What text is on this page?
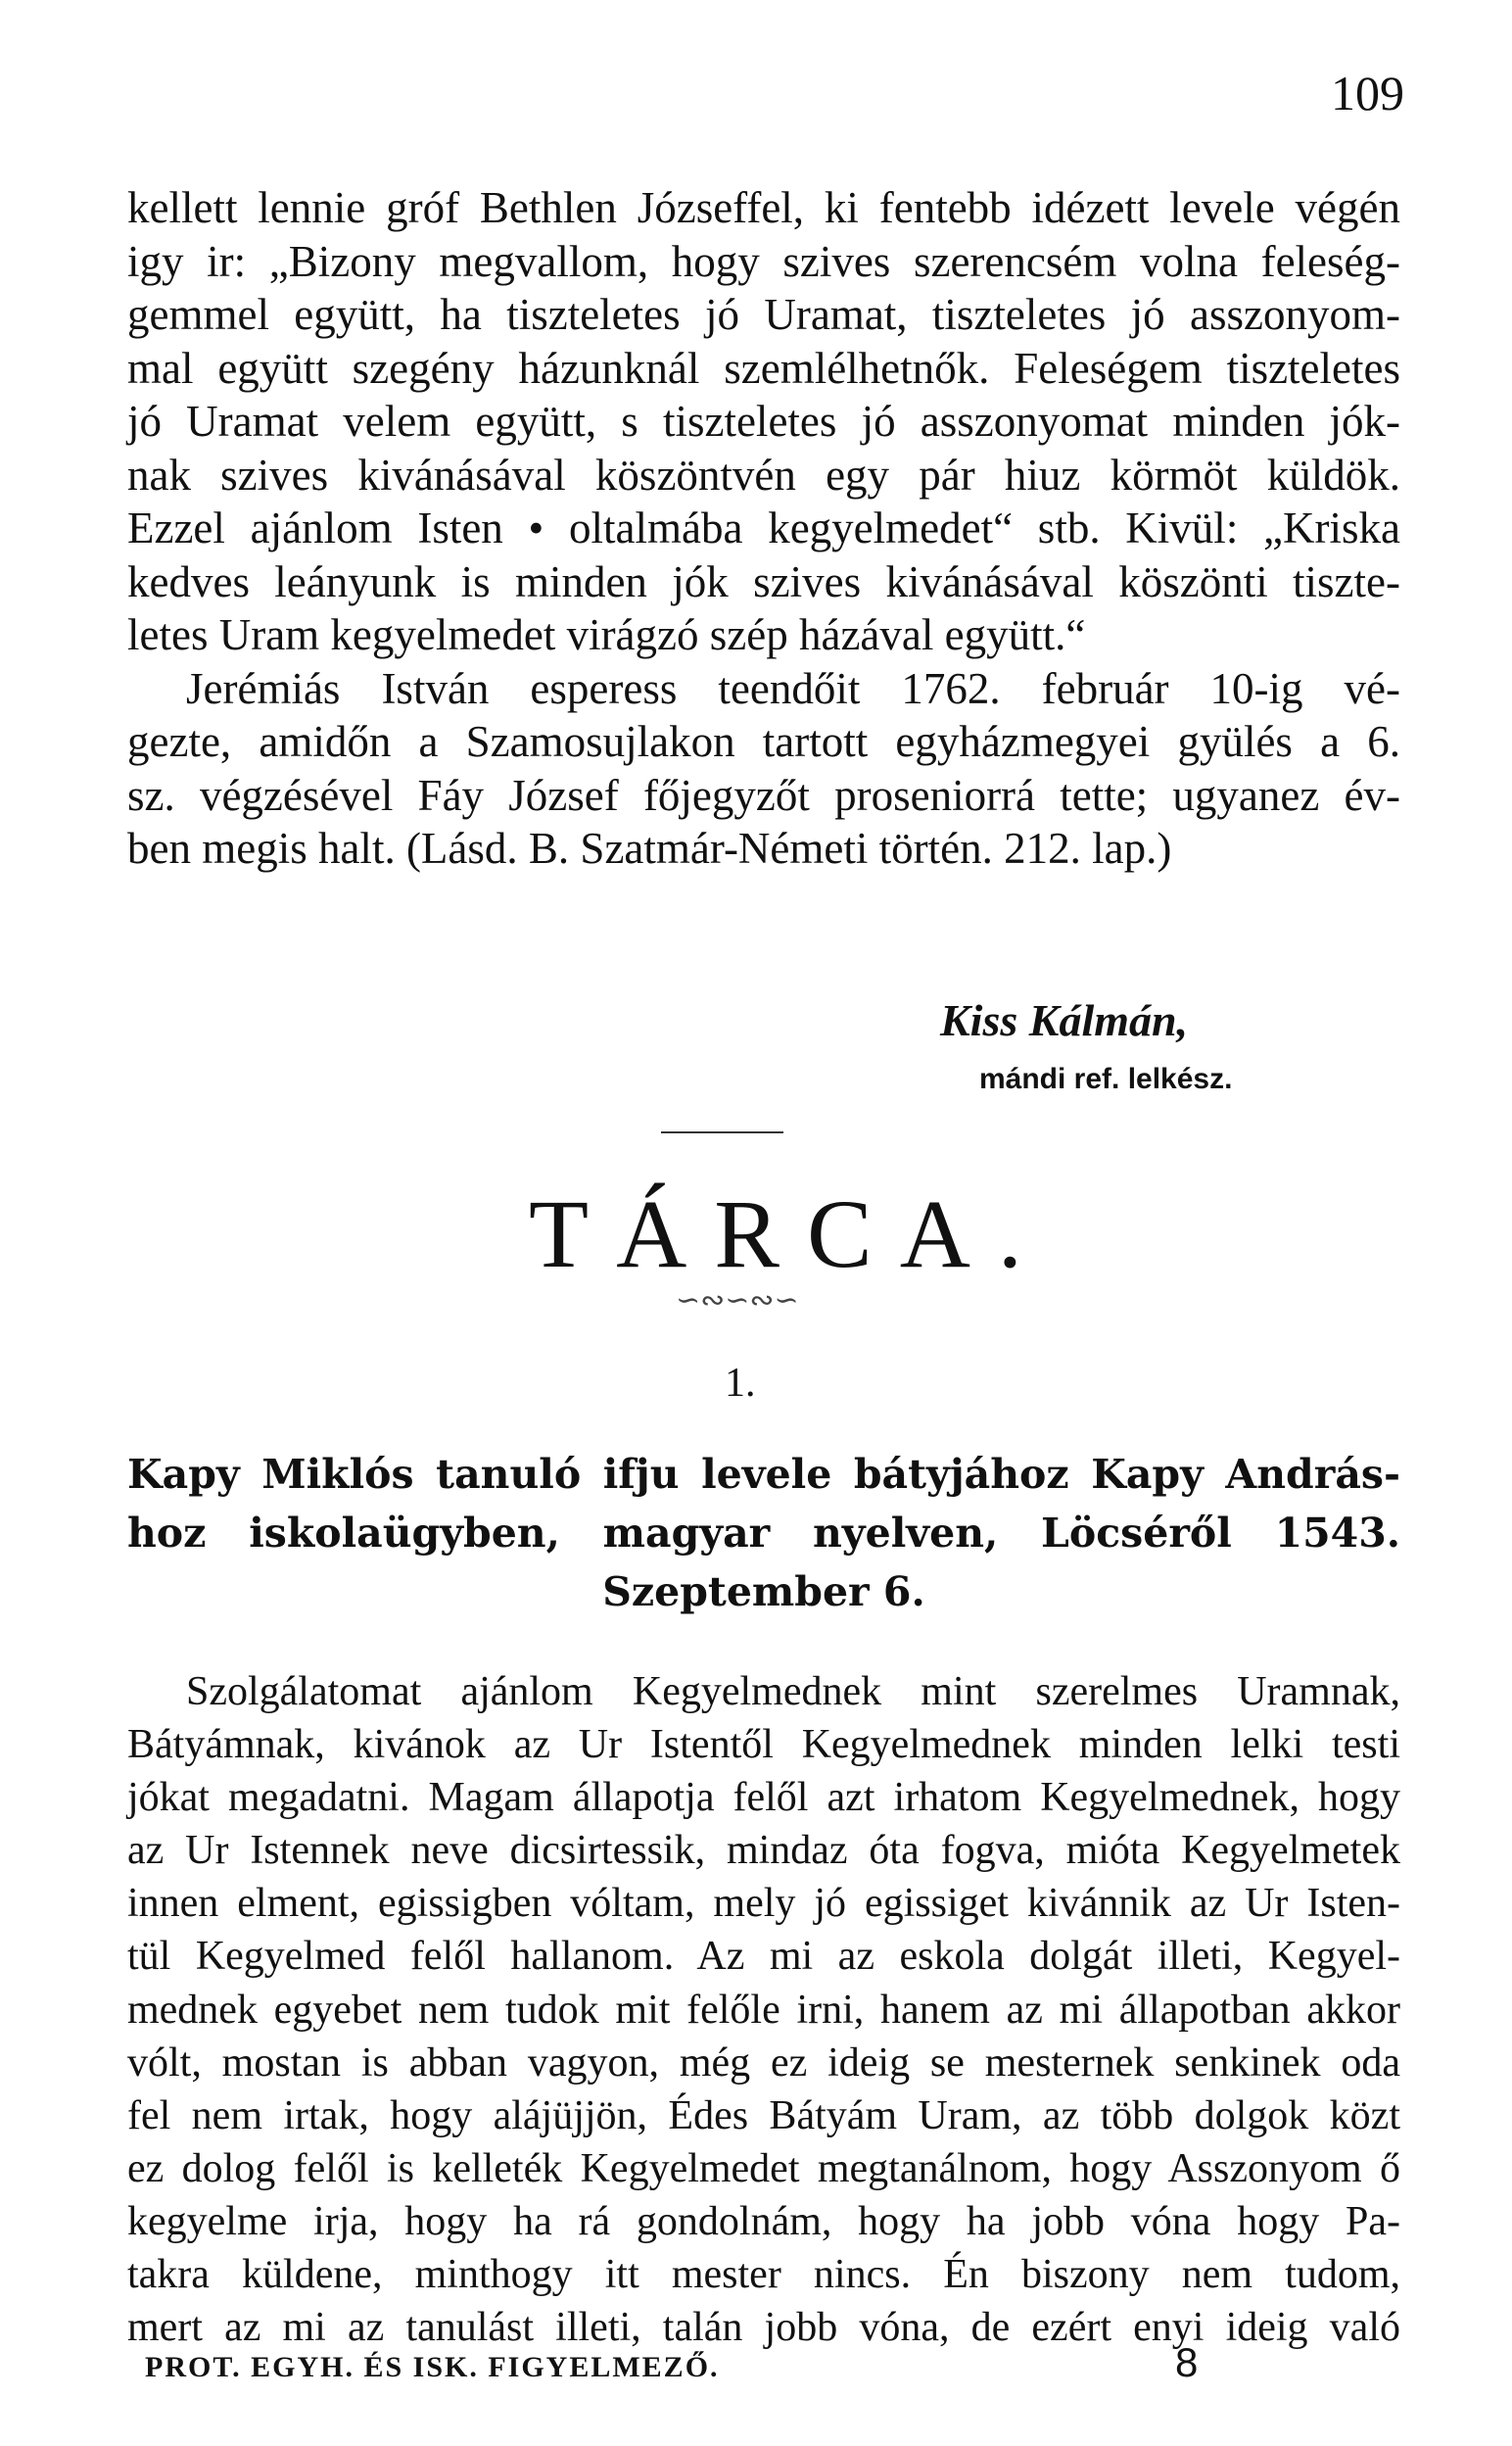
109
kellett lennie gróf Bethlen Józseffel, ki fentebb idézett levele végén
igy ir: „Bizony megvallom, hogy szives szerencsém volna feleség-
gemmel együtt, ha tiszteletes jó Uramat, tiszteletes jó asszonyom-
mal együtt szegény házunknál szemlélhetnők. Feleségem tiszteletes
jó Uramat velem együtt, s tiszteletes jó asszonyomat minden jók-
nak szives kivánásával köszöntvén egy pár hiuz körmöt küldök.
Ezzel ajánlom Isten • oltalmába kegyelmedet“ stb. Kivül: „Kriska
kedves leányunk is minden jók szives kivánásával köszönti tiszte-
letes Uram kegyelmedet virágzó szép házával együtt.“
Jerémiás István esperess teendőit 1762. február 10-ig vé-
gezte, amidőn a Szamosujlakon tartott egyházmegyei gyülés a 6.
sz. végzésével Fáy József főjegyzőt proseniorrá tette; ugyanez év-
ben megis halt. (Lásd. B. Szatmár-Németi történ. 212. lap.)
Kiss Kálmán,
mándi ref. lelkész.
TÁRCA.
∽∾∽∾∽
1.
Kapy Miklós tanuló ifju levele bátyjához Kapy András-
hoz iskolaügyben, magyar nyelven, Löcséről 1543.
Szeptember 6.
Szolgálatomat ajánlom Kegyelmednek mint szerelmes Uramnak,
Bátyámnak, kivánok az Ur Istentől Kegyelmednek minden lelki testi
jókat megadatni. Magam állapotja felől azt irhatom Kegyelmednek, hogy
az Ur Istennek neve dicsirtessik, mindaz óta fogva, mióta Kegyelmetek
innen elment, egissigben vóltam, mely jó egissiget kivánnik az Ur Isten-
tül Kegyelmed felől hallanom. Az mi az eskola dolgát illeti, Kegyel-
mednek egyebet nem tudok mit felőle irni, hanem az mi állapotban akkor
vólt, mostan is abban vagyon, még ez ideig se mesternek senkinek oda
fel nem irtak, hogy alájüjjön, Édes Bátyám Uram, az több dolgok közt
ez dolog felől is kelleték Kegyelmedet megtanálnom, hogy Asszonyom ő
kegyelme irja, hogy ha rá gondolnám, hogy ha jobb vóna hogy Pa-
takra küldene, minthogy itt mester nincs. Én biszony nem tudom,
mert az mi az tanulást illeti, talán jobb vóna, de ezért enyi ideig való
PROT. EGYH. ÉS ISK. FIGYELMEZŐ.	8
